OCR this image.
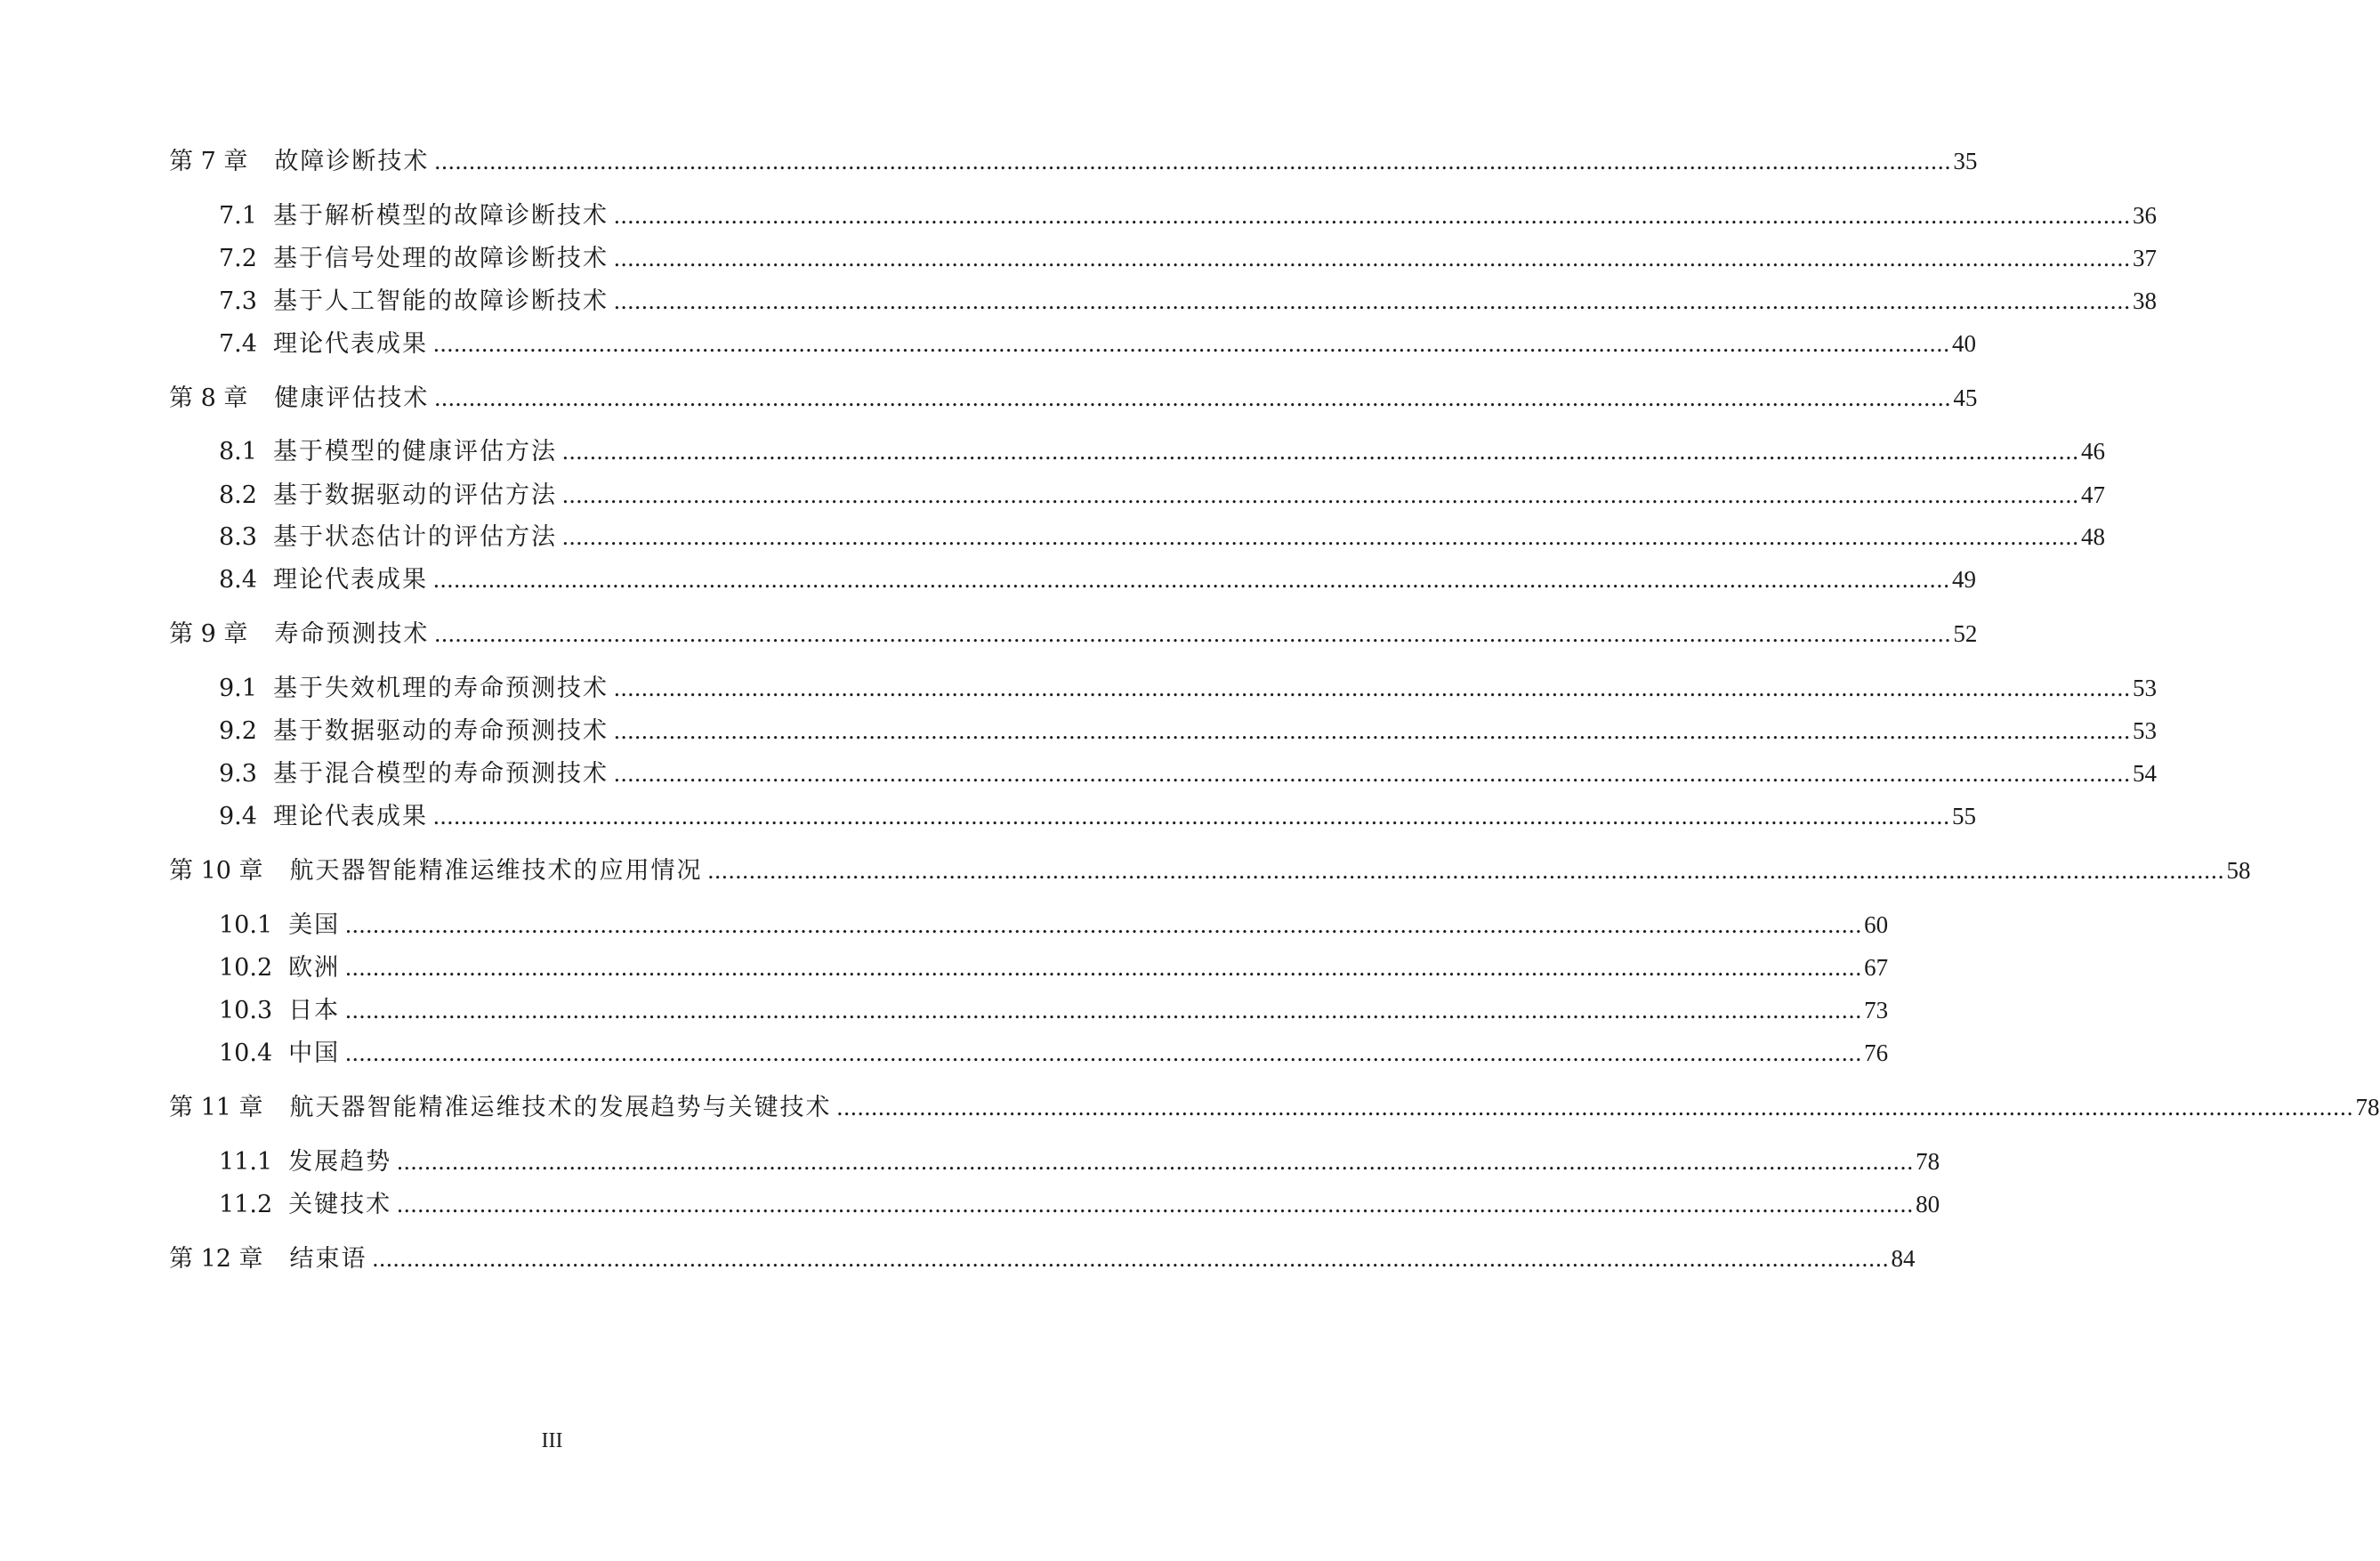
第 7 章 故障诊断技术 ............................................................................................................................................................................................................................ 35
7.1 基于解析模型的故障诊断技术 ............................................................................................................................................................................................................................ 36
7.2 基于信号处理的故障诊断技术 ............................................................................................................................................................................................................................ 37
7.3 基于人工智能的故障诊断技术 ............................................................................................................................................................................................................................ 38
7.4 理论代表成果 ............................................................................................................................................................................................................................ 40
第 8 章 健康评估技术 ............................................................................................................................................................................................................................ 45
8.1 基于模型的健康评估方法 ............................................................................................................................................................................................................................ 46
8.2 基于数据驱动的评估方法 ............................................................................................................................................................................................................................ 47
8.3 基于状态估计的评估方法 ............................................................................................................................................................................................................................ 48
8.4 理论代表成果 ............................................................................................................................................................................................................................ 49
第 9 章 寿命预测技术 ............................................................................................................................................................................................................................ 52
9.1 基于失效机理的寿命预测技术 ............................................................................................................................................................................................................................ 53
9.2 基于数据驱动的寿命预测技术 ............................................................................................................................................................................................................................ 53
9.3 基于混合模型的寿命预测技术 ............................................................................................................................................................................................................................ 54
9.4 理论代表成果 ............................................................................................................................................................................................................................ 55
第 10 章 航天器智能精准运维技术的应用情况 ............................................................................................................................................................................................................................ 58
10.1 美国 ............................................................................................................................................................................................................................ 60
10.2 欧洲 ............................................................................................................................................................................................................................ 67
10.3 日本 ............................................................................................................................................................................................................................ 73
10.4 中国 ............................................................................................................................................................................................................................ 76
第 11 章 航天器智能精准运维技术的发展趋势与关键技术 ............................................................................................................................................................................................................................ 78
11.1 发展趋势 ............................................................................................................................................................................................................................ 78
11.2 关键技术 ............................................................................................................................................................................................................................ 80
第 12 章 结束语 ............................................................................................................................................................................................................................ 84
III
